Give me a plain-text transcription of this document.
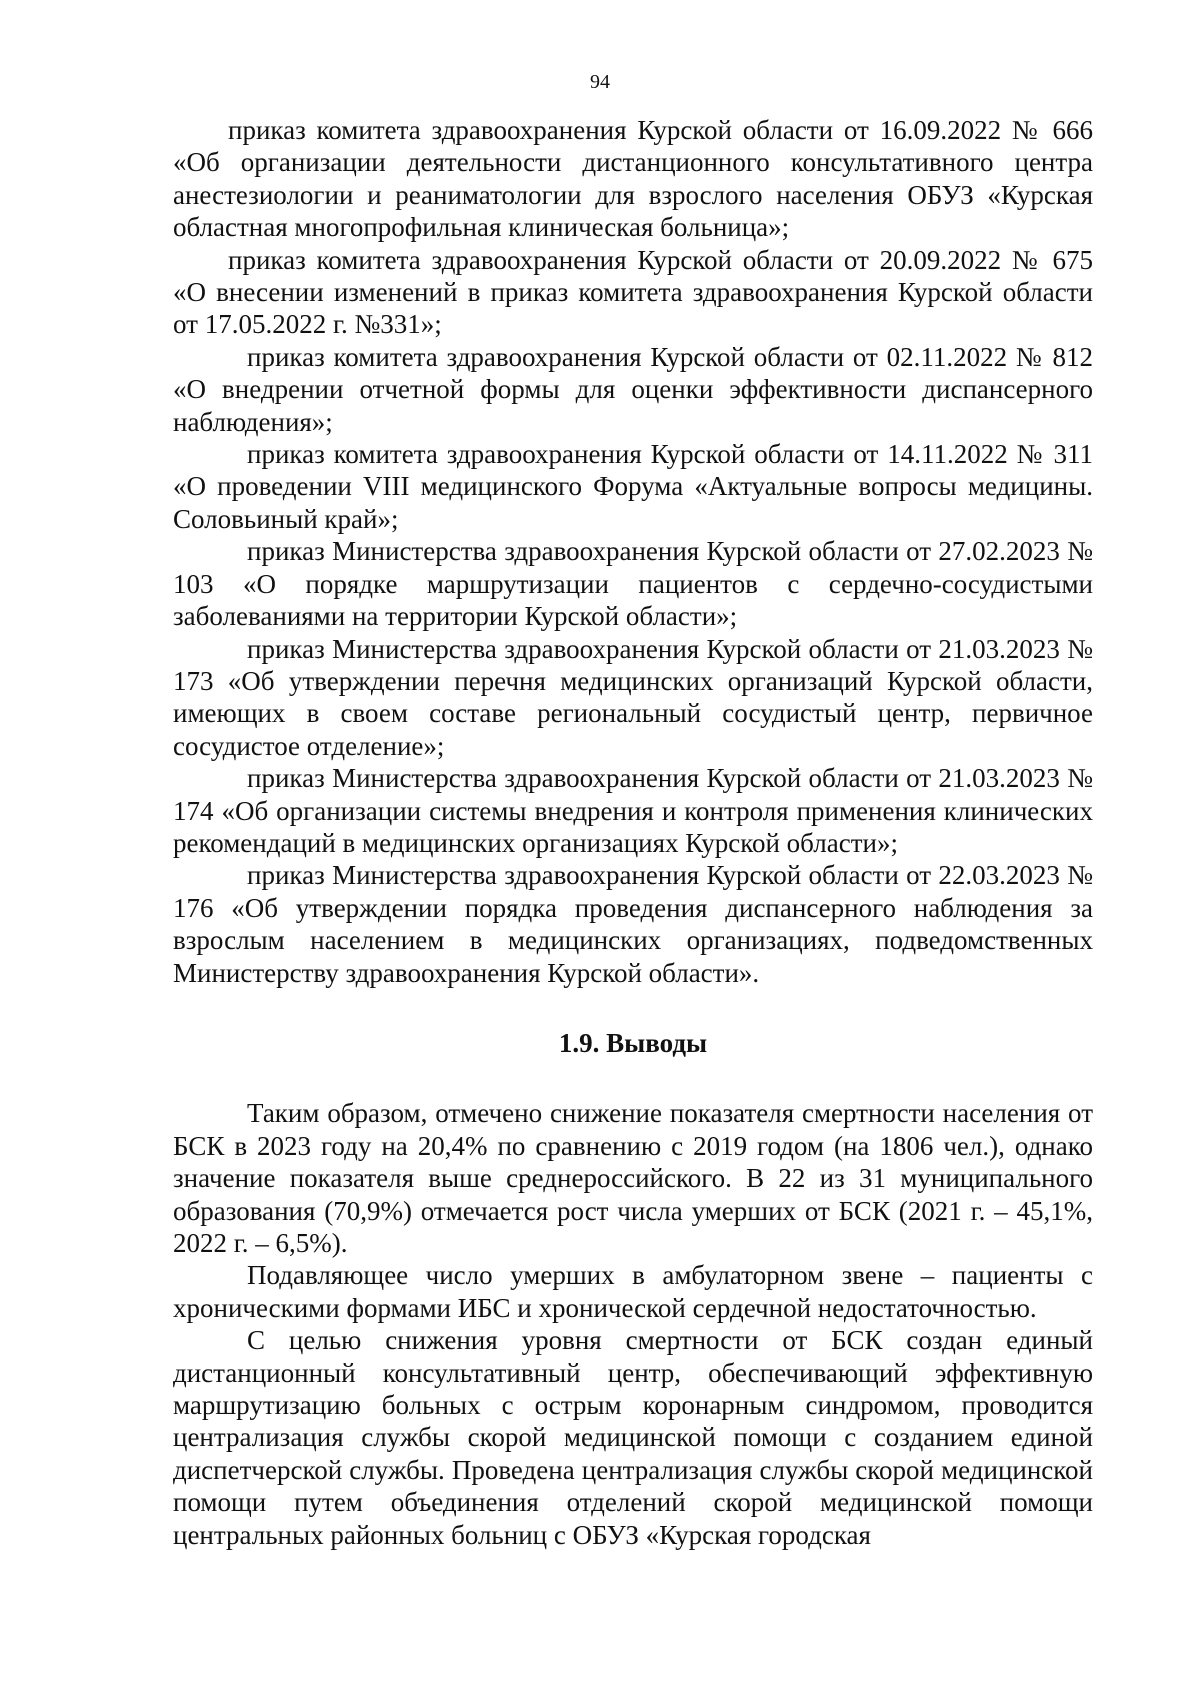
94

приказ комитета здравоохранения Курской области от 16.09.2022 № 666 «Об организации деятельности дистанционного консультативного центра анестезиологии и реаниматологии для взрослого населения ОБУЗ «Курская областная многопрофильная клиническая больница»;

приказ комитета здравоохранения Курской области от 20.09.2022 № 675 «О внесении изменений в приказ комитета здравоохранения Курской области от 17.05.2022 г. №331»;

приказ комитета здравоохранения Курской области от 02.11.2022 № 812 «О внедрении отчетной формы для оценки эффективности диспансерного наблюдения»;

приказ комитета здравоохранения Курской области от 14.11.2022 № 311 «О проведении VIII медицинского Форума «Актуальные вопросы медицины. Соловьиный край»;

приказ Министерства здравоохранения Курской области от 27.02.2023 № 103 «О порядке маршрутизации пациентов с сердечно-сосудистыми заболеваниями на территории Курской области»;

приказ Министерства здравоохранения Курской области от 21.03.2023 № 173 «Об утверждении перечня медицинских организаций Курской области, имеющих в своем составе региональный сосудистый центр, первичное сосудистое отделение»;

приказ Министерства здравоохранения Курской области от 21.03.2023 № 174 «Об организации системы внедрения и контроля применения клинических рекомендаций в медицинских организациях Курской области»;

приказ Министерства здравоохранения Курской области от 22.03.2023 № 176 «Об утверждении порядка проведения диспансерного наблюдения за взрослым населением в медицинских организациях, подведомственных Министерству здравоохранения Курской области».

1.9. Выводы

Таким образом, отмечено снижение показателя смертности населения от БСК в 2023 году на 20,4% по сравнению с 2019 годом (на 1806 чел.), однако значение показателя выше среднероссийского. В 22 из 31 муниципального образования (70,9%) отмечается рост числа умерших от БСК (2021 г. – 45,1%, 2022 г. – 6,5%).

Подавляющее число умерших в амбулаторном звене – пациенты с хроническими формами ИБС и хронической сердечной недостаточностью.

С целью снижения уровня смертности от БСК создан единый дистанционный консультативный центр, обеспечивающий эффективную маршрутизацию больных с острым коронарным синдромом, проводится централизация службы скорой медицинской помощи с созданием единой диспетчерской службы. Проведена централизация службы скорой медицинской помощи путем объединения отделений скорой медицинской помощи центральных районных больниц с ОБУЗ «Курская городская
